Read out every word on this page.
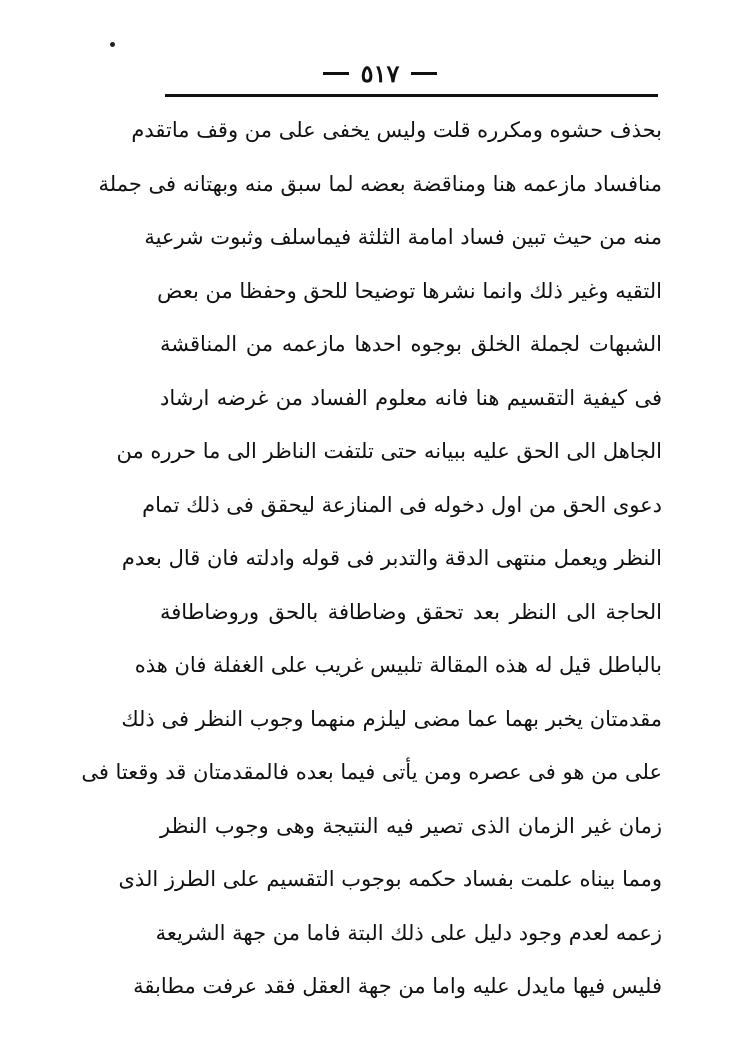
٥١٧
بحذف حشوه ومكرره قلت وليس يخفى على من وقف ماتقدم
منافساد مازعمه هنا ومناقضة بعضه لما سبق منه وبهتانه فى جملة
منه من حيث تبين فساد امامة الثلثة فيماسلف وثبوت شرعية
التقيه وغير ذلك وانما نشرها توضيحا للحق وحفظا من بعض
الشبهات لجملة الخلق بوجوه احدها مازعمه من المناقشة
فى كيفية التقسيم هنا فانه معلوم الفساد من غرضه ارشاد
الجاهل الى الحق عليه ببيانه حتى تلتفت الناظر الى ما حرره من
دعوى الحق من اول دخوله فى المنازعة ليحقق فى ذلك تمام
النظر ويعمل منتهى الدقة والتدبر فى قوله وادلته فان قال بعدم
الحاجة الى النظر بعد تحقق وضاطافة بالحق وروضاطافة
بالباطل قيل له هذه المقالة تلبيس غريب على الغفلة فان هذه
مقدمتان يخبر بهما عما مضى ليلزم منهما وجوب النظر فى ذلك
على من هو فى عصره ومن يأتى فيما بعده فالمقدمتان قد وقعتا فى
زمان غير الزمان الذى تصير فيه النتيجة وهى وجوب النظر
ومما بيناه علمت بفساد حكمه بوجوب التقسيم على الطرز الذى
زعمه لعدم وجود دليل على ذلك البتة فاما من جهة الشريعة
فليس فيها مايدل عليه واما من جهة العقل فقد عرفت مطابقة
